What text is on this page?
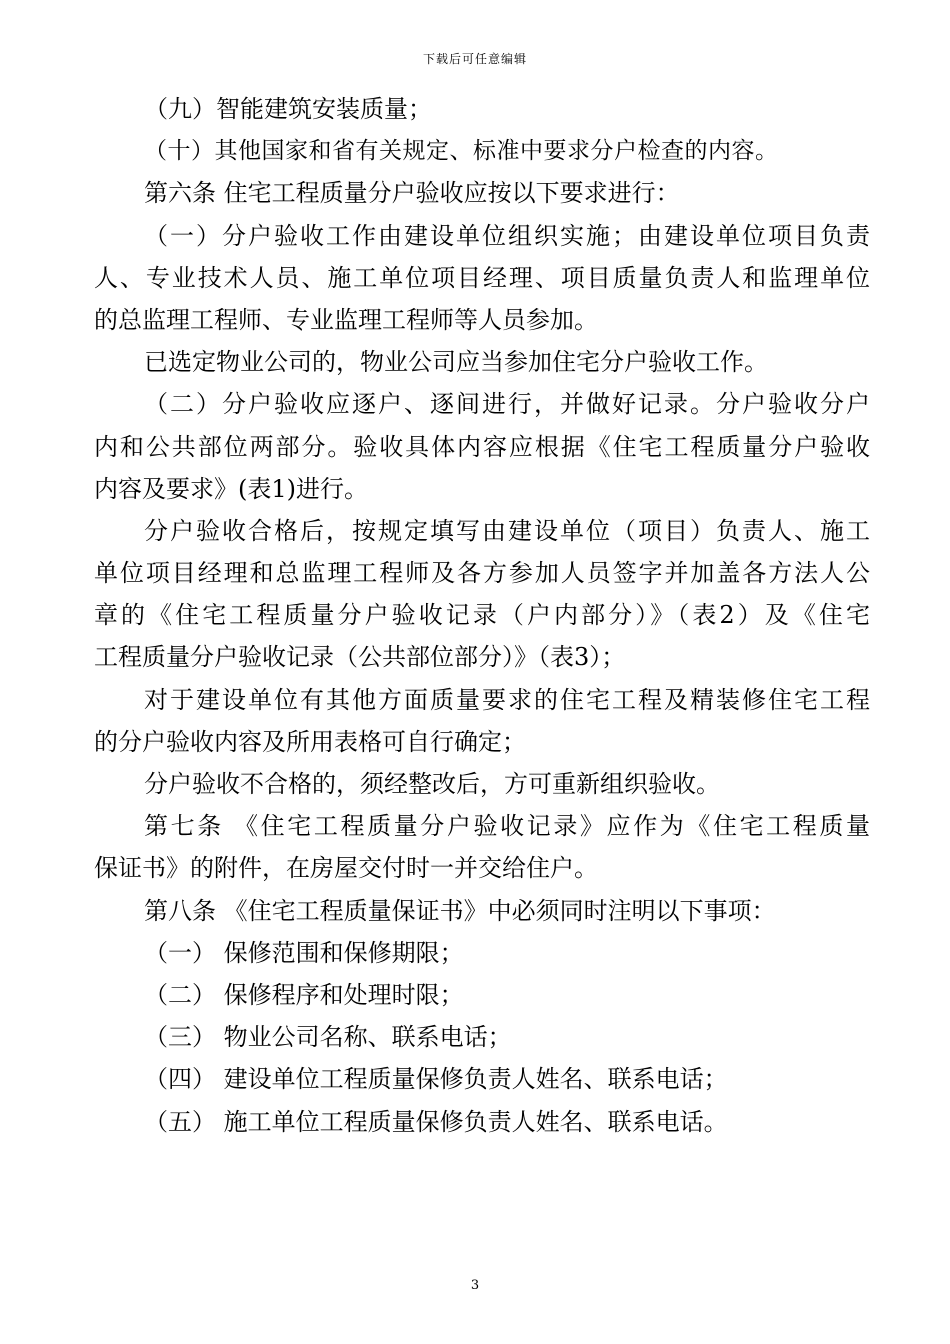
下载后可任意编辑
（九）智能建筑安装质量；
（十）其他国家和省有关规定、标准中要求分户检查的内容。
第六条 住宅工程质量分户验收应按以下要求进行：
（一）分户验收工作由建设单位组织实施；由建设单位项目负责
人、专业技术人员、施工单位项目经理、项目质量负责人和监理单位
的总监理工程师、专业监理工程师等人员参加。
已选定物业公司的，物业公司应当参加住宅分户验收工作。
（二）分户验收应逐户、逐间进行，并做好记录。分户验收分户
内和公共部位两部分。验收具体内容应根据《住宅工程质量分户验收
内容及要求》(表1)进行。
分户验收合格后，按规定填写由建设单位（项目）负责人、施工
单位项目经理和总监理工程师及各方参加人员签字并加盖各方法人公
章的《住宅工程质量分户验收记录（户内部分）》（表2）及《住宅
工程质量分户验收记录（公共部位部分）》（表3）；
对于建设单位有其他方面质量要求的住宅工程及精装修住宅工程
的分户验收内容及所用表格可自行确定；
分户验收不合格的，须经整改后，方可重新组织验收。
第七条 《住宅工程质量分户验收记录》应作为《住宅工程质量
保证书》的附件，在房屋交付时一并交给住户。
第八条 《住宅工程质量保证书》中必须同时注明以下事项：
（一） 保修范围和保修期限；
（二） 保修程序和处理时限；
（三） 物业公司名称、联系电话；
（四） 建设单位工程质量保修负责人姓名、联系电话；
（五） 施工单位工程质量保修负责人姓名、联系电话。
3
